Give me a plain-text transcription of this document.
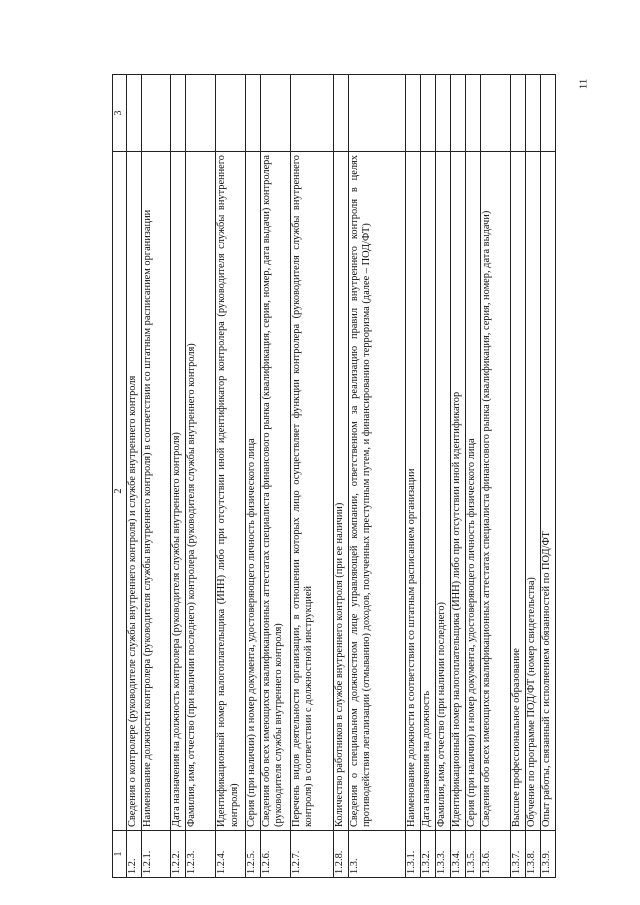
11
1	2	3
1.2.	Сведения о контролере (руководителе службы внутреннего контроля) и службе внутреннего контроля	
1.2.1.	Наименование должности контролера (руководителя службы внутреннего контроля) в соответствии со штатным расписанием организации	
1.2.2.	Дата назначения на должность контролера (руководителя службы внутреннего контроля)	
1.2.3.	Фамилия, имя, отчество (при наличии последнего) контролера (руководителя службы внутреннего контроля)	
1.2.4.	Идентификационный номер налогоплательщика (ИНН) либо при отсутствии иной идентификатор контролера (руководителя службы внутреннего контроля)	
1.2.5.	Серия (при наличии) и номер документа, удостоверяющего личность физического лица	
1.2.6.	Сведения обо всех имеющихся квалификационных аттестатах специалиста финансового рынка (квалификация, серия, номер, дата выдачи) контролера (руководителя службы внутреннего контроля)	
1.2.7.	Перечень видов деятельности организации, в отношении которых лицо осуществляет функции контролера (руководителя службы внутреннего контроля) в соответствии с должностной инструкцией	
1.2.8.	Количество работников в службе внутреннего контроля (при ее наличии)	
1.3.	Сведения о специальном должностном лице управляющей компании, ответственном за реализацию правил внутреннего контроля в целях противодействия легализации (отмыванию) доходов, полученных преступным путем, и финансированию терроризма (далее – ПОД/ФТ)	
1.3.1.	Наименование должности в соответствии со штатным расписанием организации	
1.3.2.	Дата назначения на должность	
1.3.3.	Фамилия, имя, отчество (при наличии последнего)	
1.3.4.	Идентификационный номер налогоплательщика (ИНН) либо при отсутствии иной идентификатор	
1.3.5.	Серия (при наличии) и номер документа, удостоверяющего личность физического лица	
1.3.6.	Сведения обо всех имеющихся квалификационных аттестатах специалиста финансового рынка (квалификация, серия, номер, дата выдачи)	
1.3.7.	Высшее профессиональное образование	
1.3.8.	Обучение по программе ПОД/ФТ (номер свидетельства)	
1.3.9.	Опыт работы, связанный с исполнением обязанностей по ПОД/ФТ	
